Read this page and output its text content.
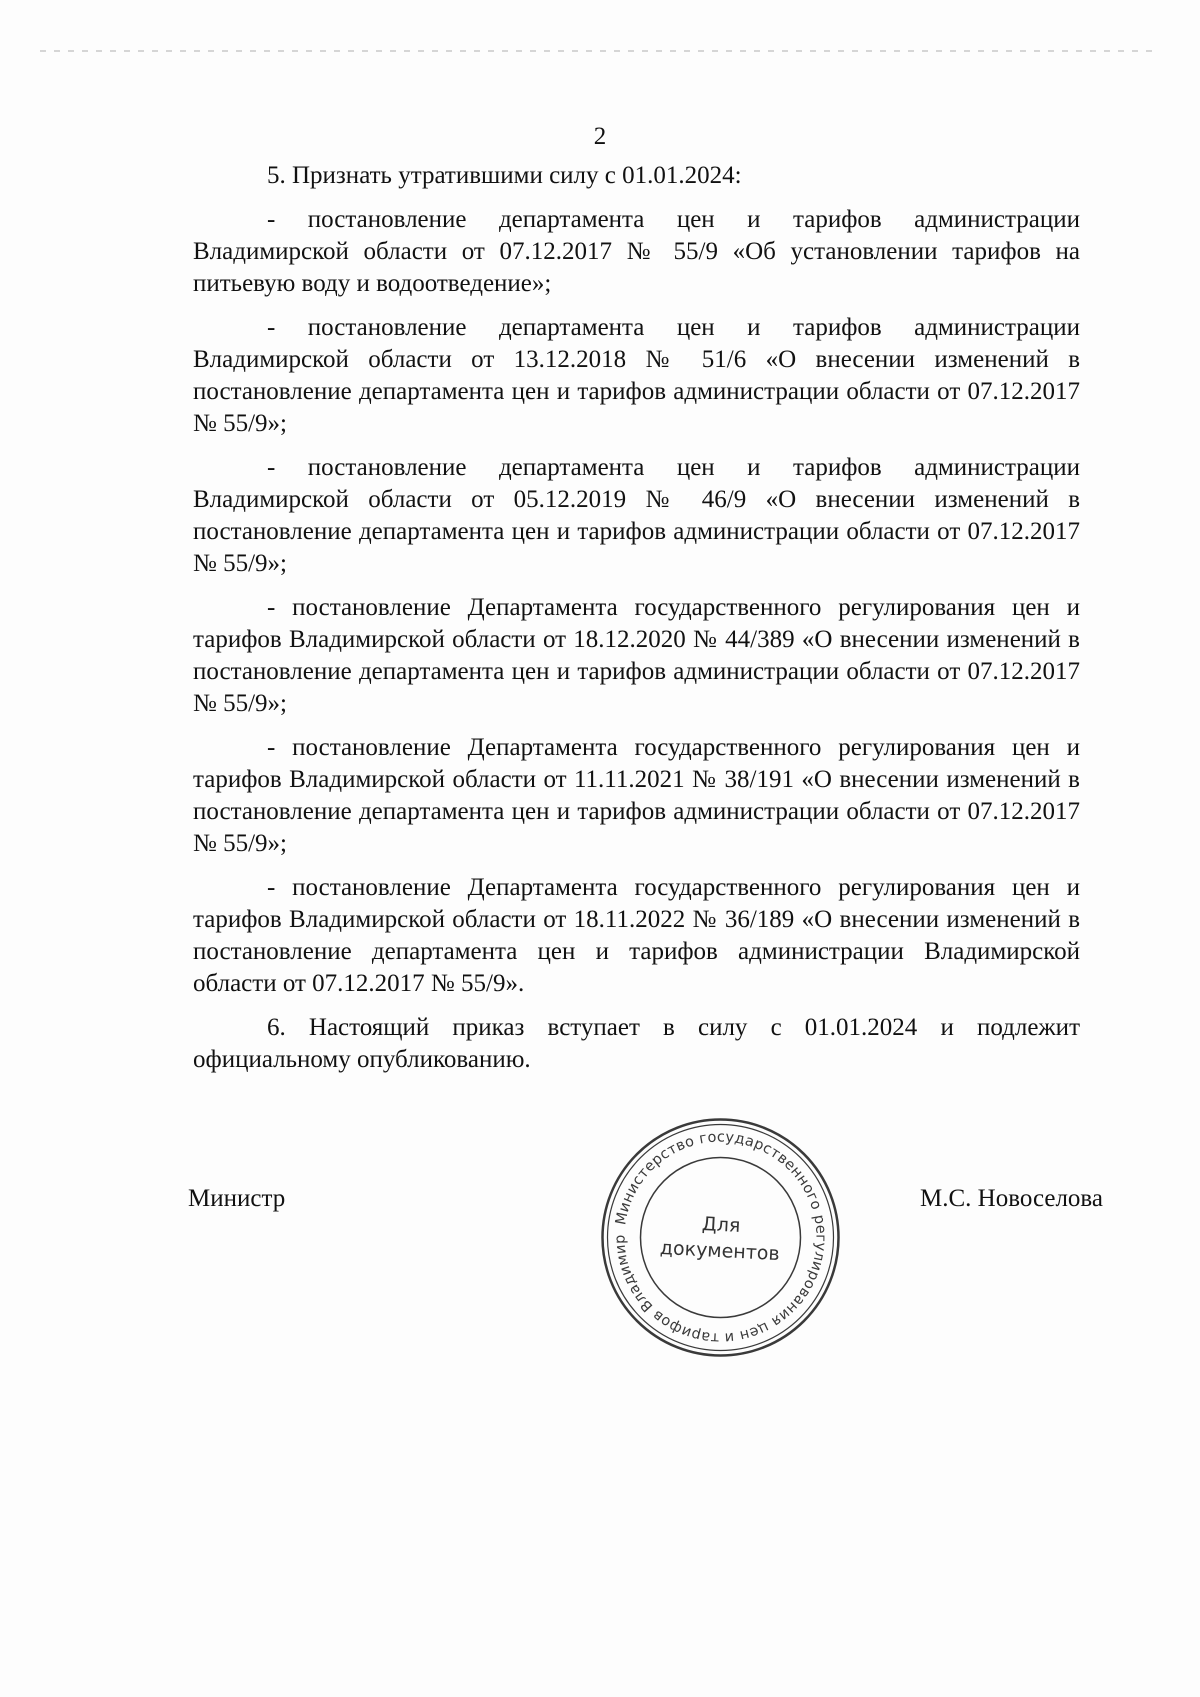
2

5. Признать утратившими силу с 01.01.2024:

- постановление департамента цен и тарифов администрации Владимирской области от 07.12.2017 № 55/9 «Об установлении тарифов на питьевую воду и водоотведение»;

- постановление департамента цен и тарифов администрации Владимирской области от 13.12.2018 № 51/6 «О внесении изменений в постановление департамента цен и тарифов администрации области от 07.12.2017 № 55/9»;

- постановление департамента цен и тарифов администрации Владимирской области от 05.12.2019 № 46/9 «О внесении изменений в постановление департамента цен и тарифов администрации области от 07.12.2017 № 55/9»;

- постановление Департамента государственного регулирования цен и тарифов Владимирской области от 18.12.2020 № 44/389 «О внесении изменений в постановление департамента цен и тарифов администрации области от 07.12.2017 № 55/9»;

- постановление Департамента государственного регулирования цен и тарифов Владимирской области от 11.11.2021 № 38/191 «О внесении изменений в постановление департамента цен и тарифов администрации области от 07.12.2017 № 55/9»;

- постановление Департамента государственного регулирования цен и тарифов Владимирской области от 18.11.2022 № 36/189 «О внесении изменений в постановление департамента цен и тарифов администрации Владимирской области от 07.12.2017 № 55/9».

6. Настоящий приказ вступает в силу с 01.01.2024 и подлежит официальному опубликованию.

Министр	М.С. Новоселова
Министерство государственного регулирования цен и тарифов Владимир
Для
документов
